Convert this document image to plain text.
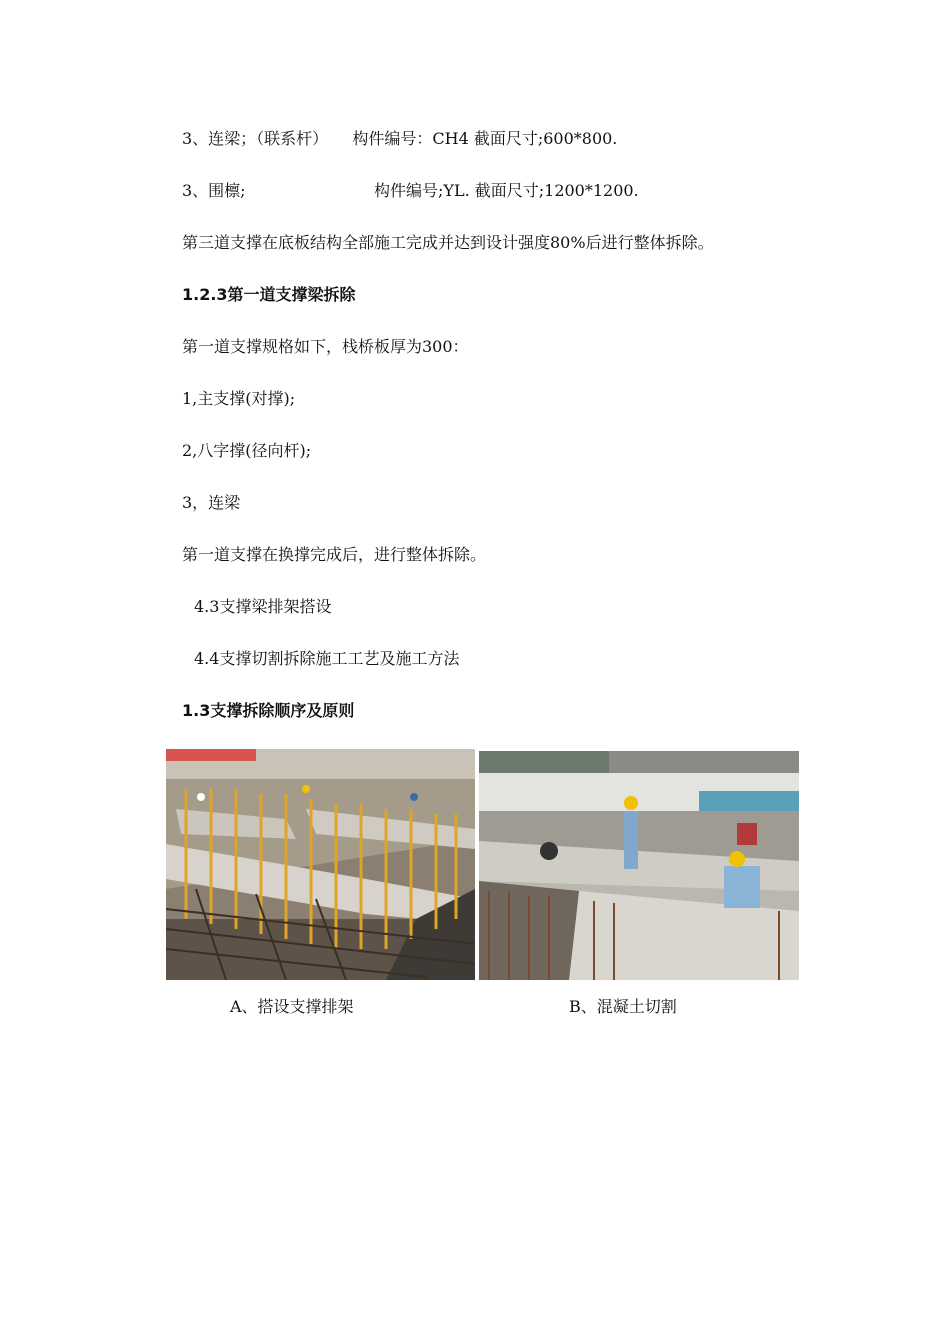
3、连梁；（联系杆） 构件编号：CH4 截面尺寸;600*800.
3、围檩;	构件编号;YL. 截面尺寸;1200*1200.
第三道支撑在底板结构全部施工完成并达到设计强度80%后进行整体拆除。
1.2.3第一道支撑梁拆除
第一道支撑规格如下，栈桥板厚为300：
1,主支撑(对撑);
2,八字撑(径向杆);
3，连梁
第一道支撑在换撑完成后，进行整体拆除。
4.3支撑梁排架搭设
4.4支撑切割拆除施工工艺及施工方法
1.3支撑拆除顺序及原则
A、搭设支撑排架	B、混凝土切割
